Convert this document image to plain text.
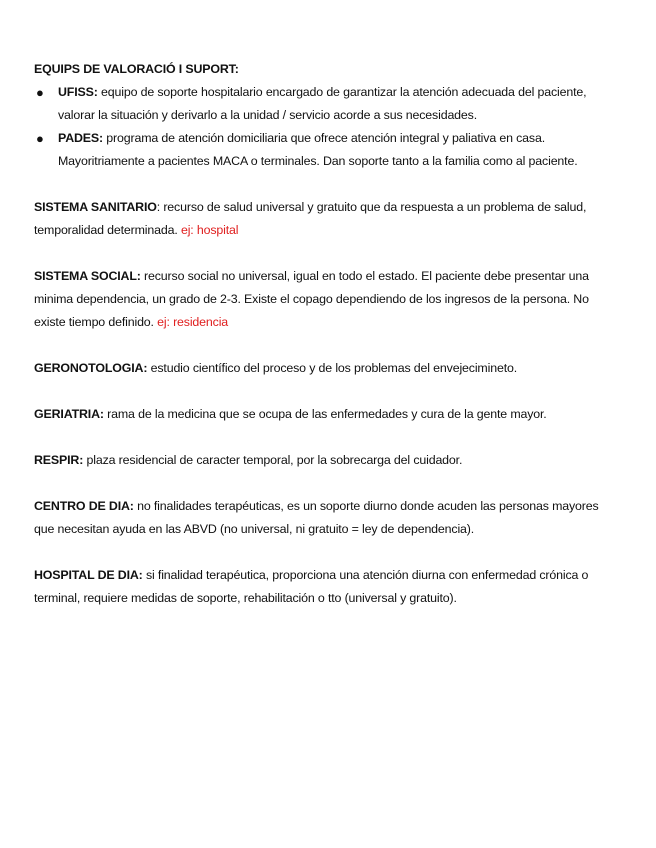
EQUIPS DE VALORACIÓ I SUPORT:

● UFISS: equipo de soporte hospitalario encargado de garantizar la atención adecuada del paciente, valorar la situación y derivarlo a la unidad / servicio acorde a sus necesidades.
● PADES: programa de atención domiciliaria que ofrece atención integral y paliativa en casa. Mayoritriamente a pacientes MACA o terminales. Dan soporte tanto a la familia como al paciente.

SISTEMA SANITARIO: recurso de salud universal y gratuito que da respuesta a un problema de salud, temporalidad determinada. ej: hospital

SISTEMA SOCIAL: recurso social no universal, igual en todo el estado. El paciente debe presentar una minima dependencia, un grado de 2-3. Existe el copago dependiendo de los ingresos de la persona. No existe tiempo definido. ej: residencia

GERONOTOLOGIA: estudio científico del proceso y de los problemas del envejecimineto.

GERIATRIA: rama de la medicina que se ocupa de las enfermedades y cura de la gente mayor.

RESPIR: plaza residencial de caracter temporal, por la sobrecarga del cuidador.

CENTRO DE DIA: no finalidades terapéuticas, es un soporte diurno donde acuden las personas mayores que necesitan ayuda en las ABVD (no universal, ni gratuito = ley de dependencia).

HOSPITAL DE DIA: si finalidad terapéutica, proporciona una atención diurna con enfermedad crónica o terminal, requiere medidas de soporte, rehabilitación o tto (universal y gratuito).
